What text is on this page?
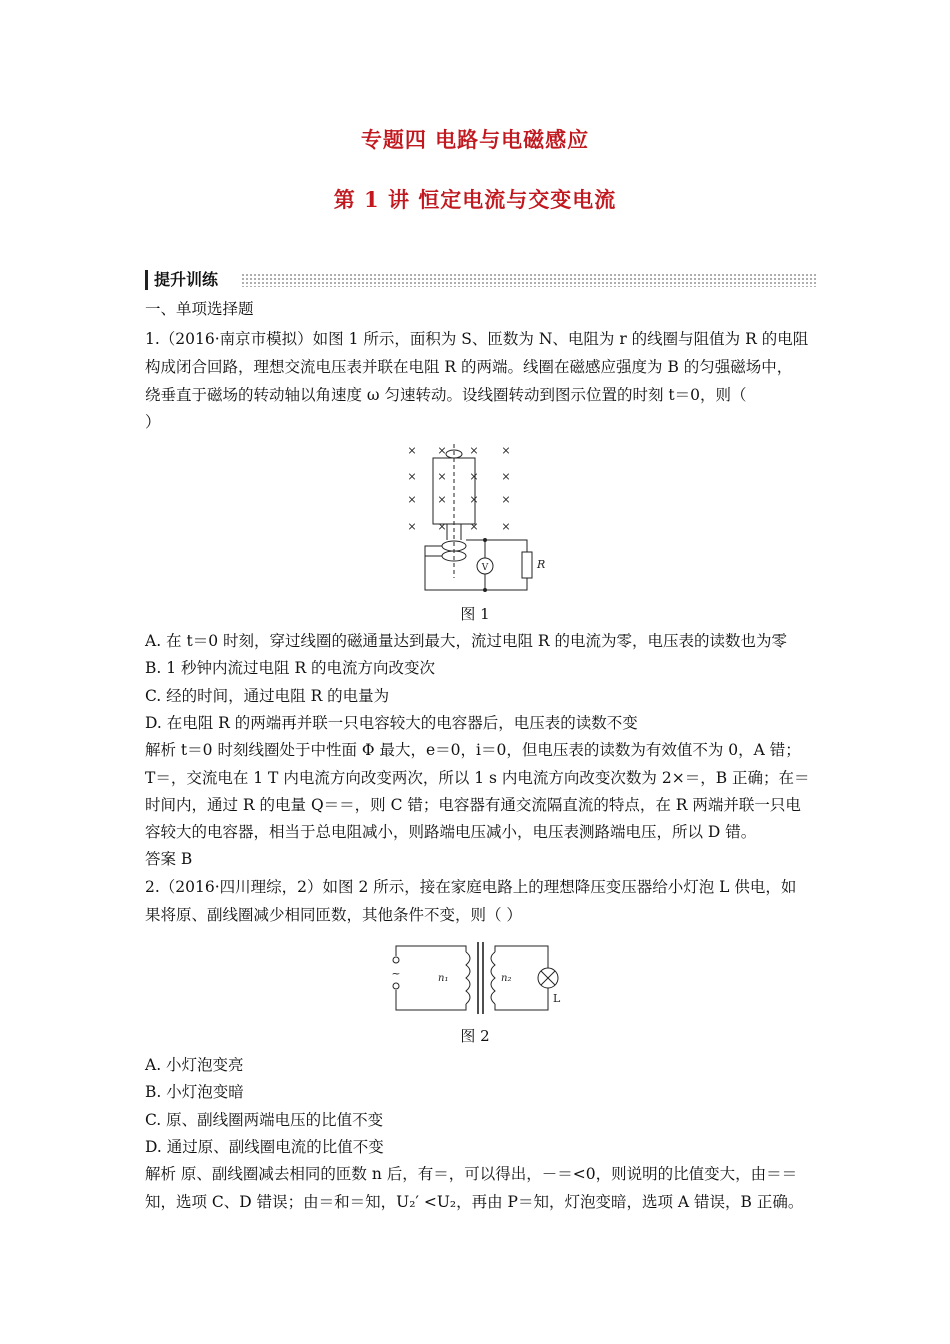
专题四 电路与电磁感应
第 1 讲 恒定电流与交变电流
提升训练
一、单项选择题
1.（2016·南京市模拟）如图 1 所示，面积为 S、匝数为 N、电阻为 r 的线圈与阻值为 R 的电阻
构成闭合回路，理想交流电压表并联在电阻 R 的两端。线圈在磁感应强度为 B 的匀强磁场中，
绕垂直于磁场的转动轴以角速度 ω 匀速转动。设线圈转动到图示位置的时刻 t＝0，则（
）
× × × ×
× × × ×
× × × ×
× × × ×
V	R
图 1
A. 在 t＝0 时刻，穿过线圈的磁通量达到最大，流过电阻 R 的电流为零，电压表的读数也为零
B. 1 秒钟内流过电阻 R 的电流方向改变次
C. 经的时间，通过电阻 R 的电量为
D. 在电阻 R 的两端再并联一只电容较大的电容器后，电压表的读数不变
解析 t＝0 时刻线圈处于中性面 Φ 最大，e＝0，i＝0，但电压表的读数为有效值不为 0，A 错；
T＝，交流电在 1 T 内电流方向改变两次，所以 1 s 内电流方向改变次数为 2×＝，B 正确；在＝
时间内，通过 R 的电量 Q＝＝，则 C 错；电容器有通交流隔直流的特点，在 R 两端并联一只电
容较大的电容器，相当于总电阻减小，则路端电压减小，电压表测路端电压，所以 D 错。
答案 B
2.（2016·四川理综，2）如图 2 所示，接在家庭电路上的理想降压变压器给小灯泡 L 供电，如
果将原、副线圈减少相同匝数，其他条件不变，则（ ）
~	n₁	n₂
L
图 2
A. 小灯泡变亮
B. 小灯泡变暗
C. 原、副线圈两端电压的比值不变
D. 通过原、副线圈电流的比值不变
解析 原、副线圈减去相同的匝数 n 后，有＝，可以得出，－＝<0，则说明的比值变大，由＝＝
知，选项 C、D 错误；由＝和＝知，U₂′ <U₂，再由 P＝知，灯泡变暗，选项 A 错误，B 正确。
